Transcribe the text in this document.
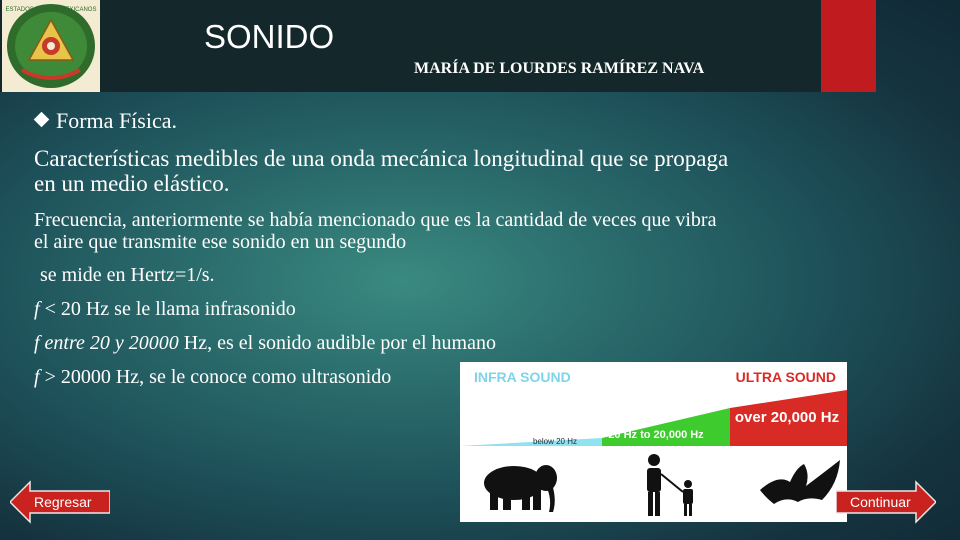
ESTADOS UNIDOS MEXICANOS
SONIDO
MARÍA DE LOURDES RAMÍREZ NAVA
Forma Física.
Características medibles de una onda mecánica longitudinal que se propaga en un medio elástico.
Frecuencia, anteriormente se había mencionado que es la cantidad de veces que vibra el aire que transmite ese sonido en un segundo
se mide en Hertz=1/s.
f < 20 Hz se le llama infrasonido
f entre 20 y 20000 Hz, es el sonido audible por el humano
f > 20000 Hz, se le conoce como ultrasonido	INFRA SOUND	ULTRA SOUND
below 20 Hz
20 Hz to 20,000 Hz
over 20,000 Hz
Regresar	Continuar
